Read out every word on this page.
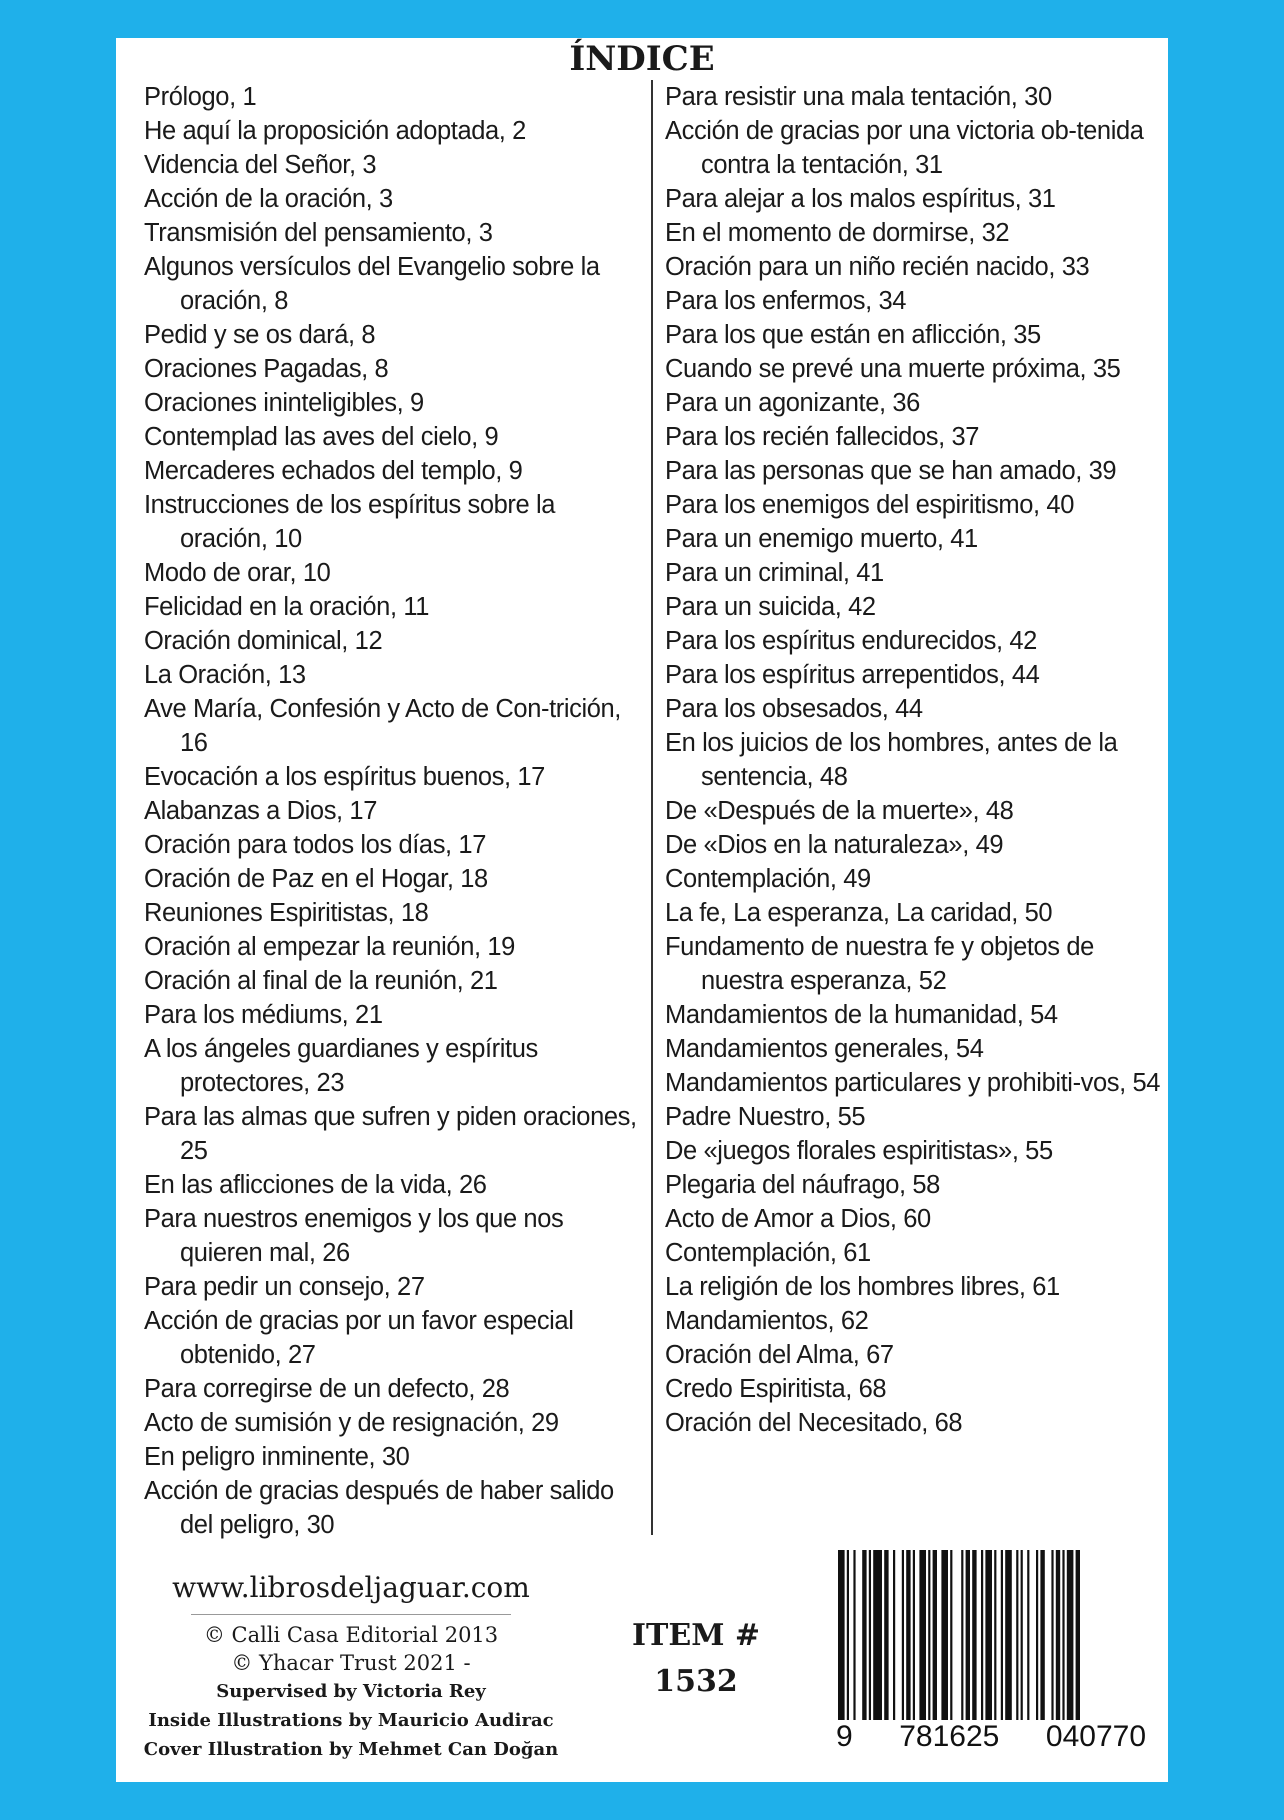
ÍNDICE
Prólogo, 1
He aquí la proposición adoptada, 2
Videncia del Señor, 3
Acción de la oración, 3
Transmisión del pensamiento, 3
Algunos versículos del Evangelio sobre la oración, 8
Pedid y se os dará, 8
Oraciones Pagadas, 8
Oraciones ininteligibles, 9
Contemplad las aves del cielo, 9
Mercaderes echados del templo, 9
Instrucciones de los espíritus sobre la oración, 10
Modo de orar, 10
Felicidad en la oración, 11
Oración dominical, 12
La Oración, 13
Ave María, Confesión y Acto de Con-trición, 16
Evocación a los espíritus buenos, 17
Alabanzas a Dios, 17
Oración para todos los días, 17
Oración de Paz en el Hogar, 18
Reuniones Espiritistas, 18
Oración al empezar la reunión, 19
Oración al final de la reunión, 21
Para los médiums, 21
A los ángeles guardianes y espíritus protectores, 23
Para las almas que sufren y piden oraciones, 25
En las aflicciones de la vida, 26
Para nuestros enemigos y los que nos quieren mal, 26
Para pedir un consejo, 27
Acción de gracias por un favor especial obtenido, 27
Para corregirse de un defecto, 28
Acto de sumisión y de resignación, 29
En peligro inminente, 30
Acción de gracias después de haber salido del peligro, 30
Para resistir una mala tentación, 30
Acción de gracias por una victoria ob-tenida contra la tentación, 31
Para alejar a los malos espíritus, 31
En el momento de dormirse, 32
Oración para un niño recién nacido, 33
Para los enfermos, 34
Para los que están en aflicción, 35
Cuando se prevé una muerte próxima, 35
Para un agonizante, 36
Para los recién fallecidos, 37
Para las personas que se han amado, 39
Para los enemigos del espiritismo, 40
Para un enemigo muerto, 41
Para un criminal, 41
Para un suicida, 42
Para los espíritus endurecidos, 42
Para los espíritus arrepentidos, 44
Para los obsesados, 44
En los juicios de los hombres, antes de la sentencia, 48
De «Después de la muerte», 48
De «Dios en la naturaleza», 49
Contemplación, 49
La fe, La esperanza, La caridad, 50
Fundamento de nuestra fe y objetos de nuestra esperanza, 52
Mandamientos de la humanidad, 54
Mandamientos generales, 54
Mandamientos particulares y prohibiti-vos, 54
Padre Nuestro, 55
De «juegos florales espiritistas», 55
Plegaria del náufrago, 58
Acto de Amor a Dios, 60
Contemplación, 61
La religión de los hombres libres, 61
Mandamientos, 62
Oración del Alma, 67
Credo Espiritista, 68
Oración del Necesitado, 68
www.librosdeljaguar.com
© Calli Casa Editorial 2013
© Yhacar Trust 2021 -
Supervised by Victoria Rey
Inside Illustrations by Mauricio Audirac
Cover Illustration by Mehmet Can Doğan
ITEM #
1532
9 781625 040770
